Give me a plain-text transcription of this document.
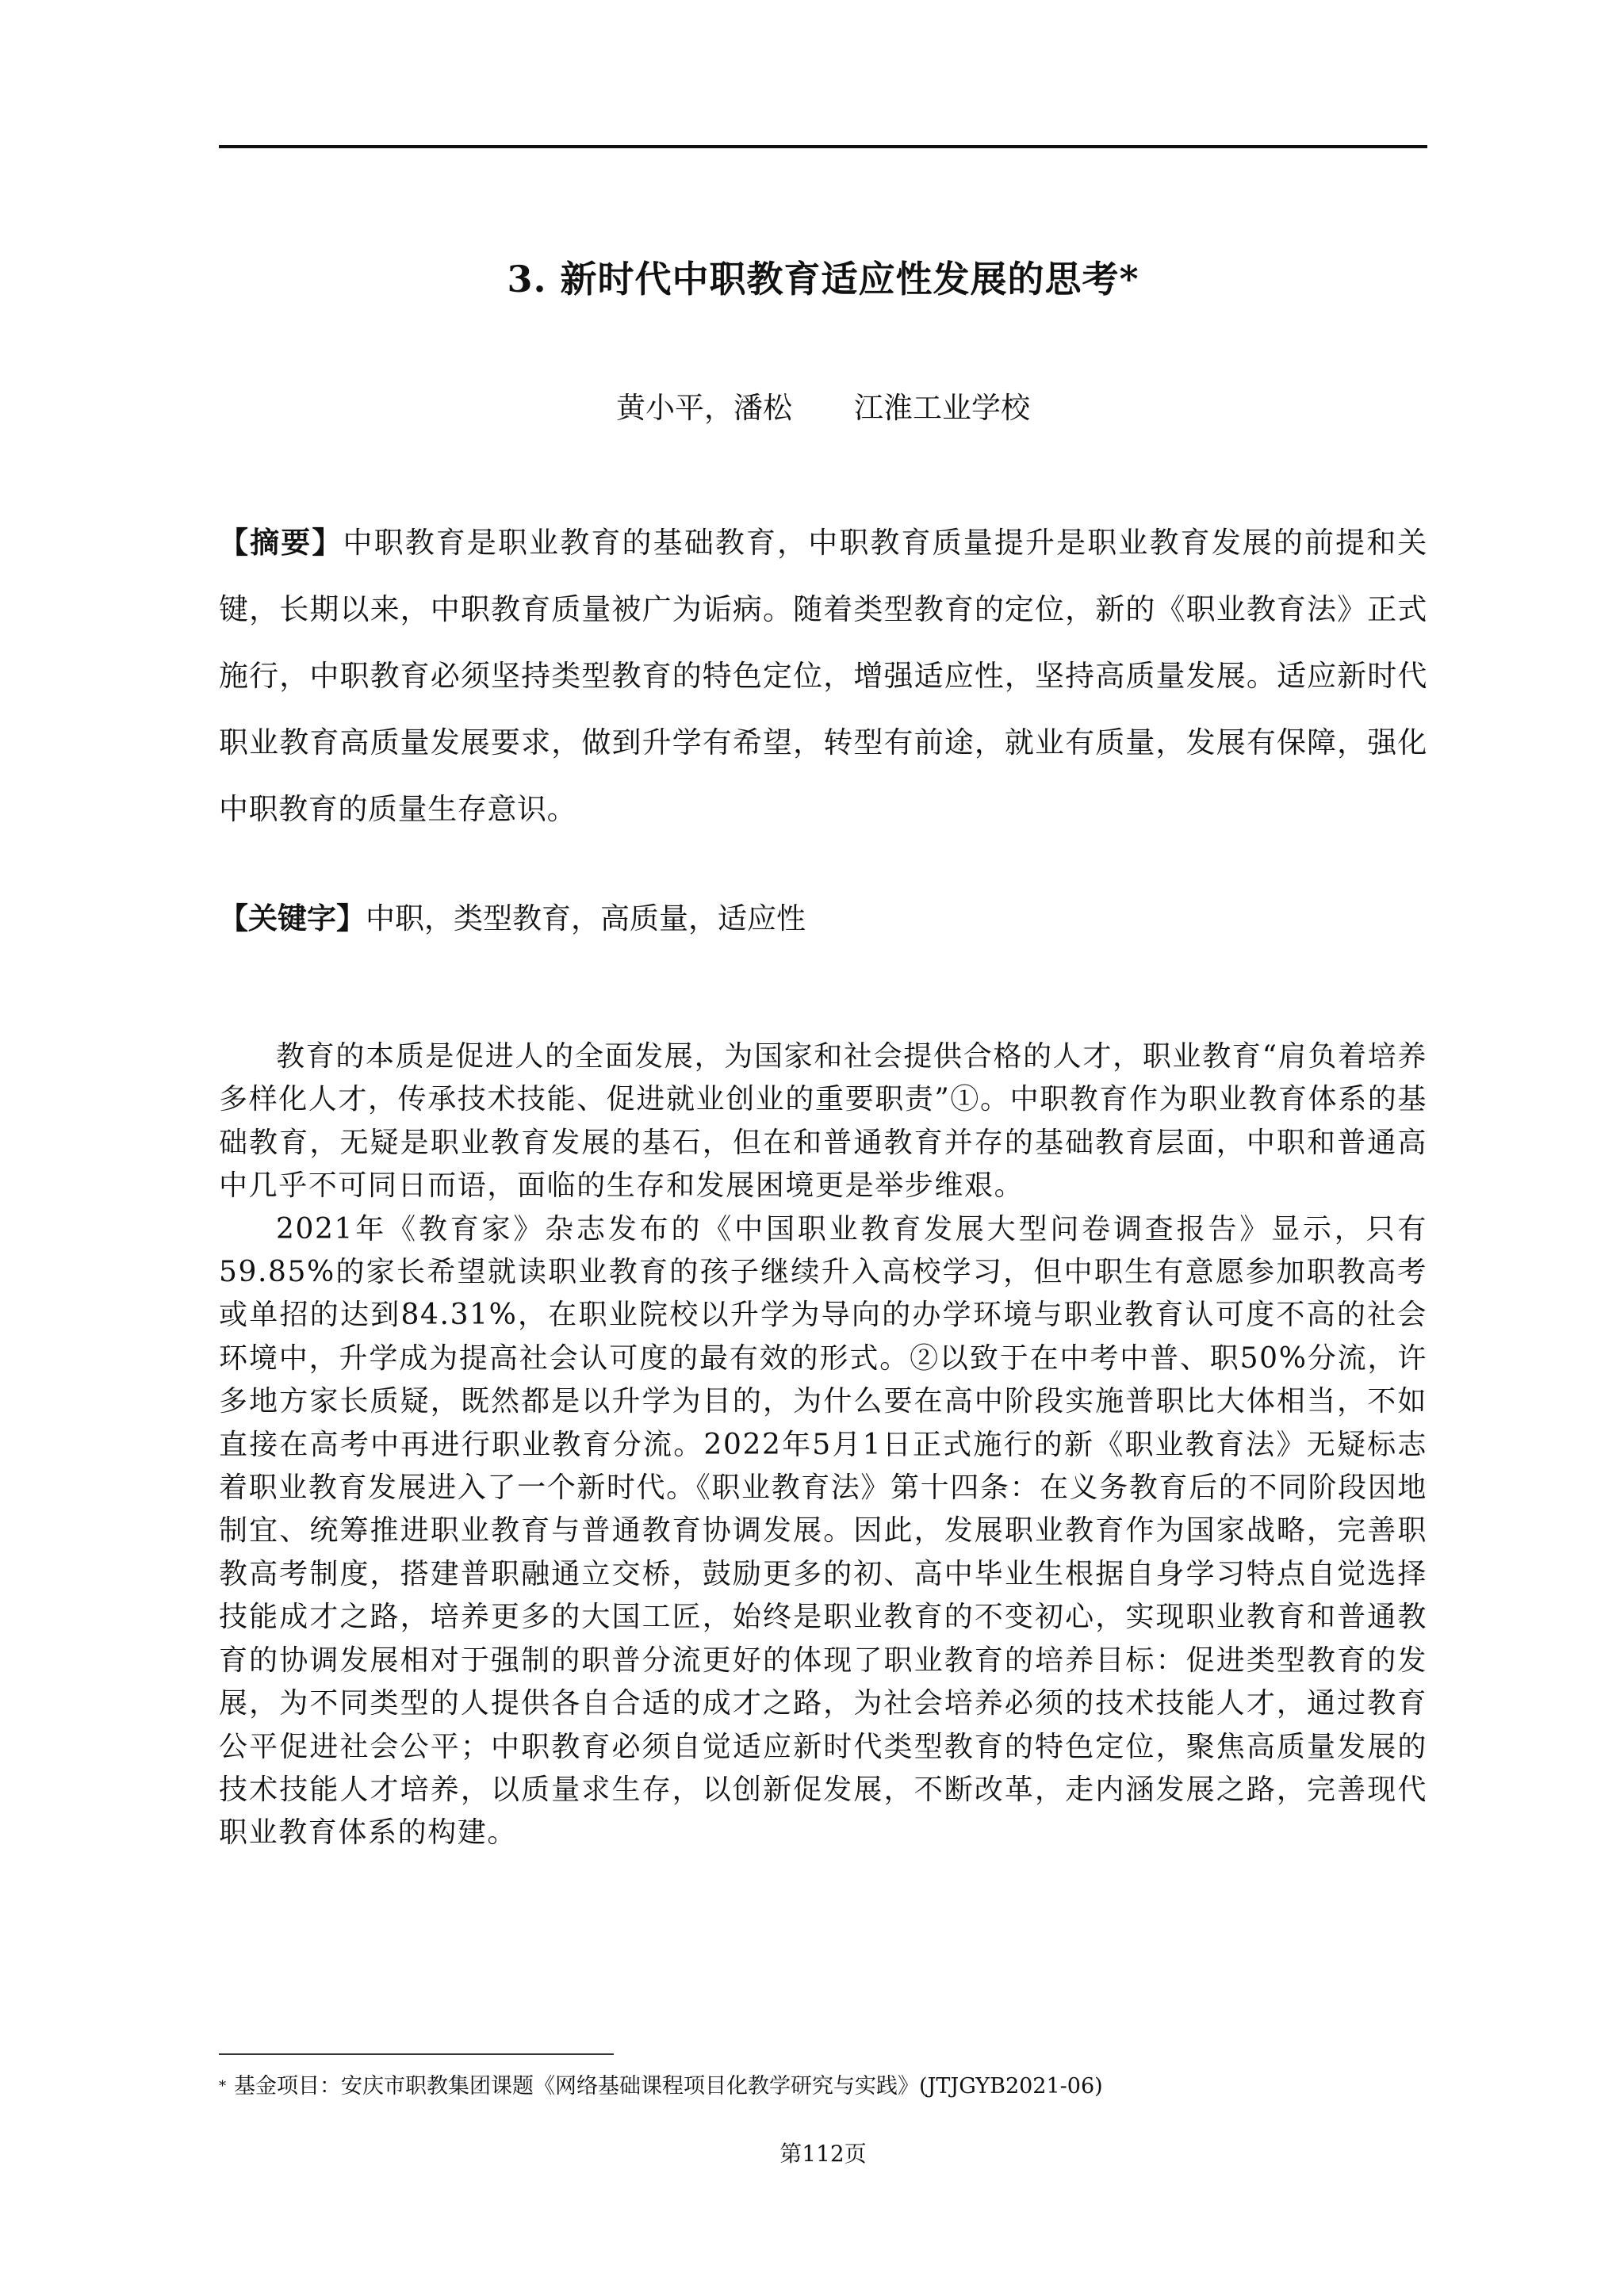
3. 新时代中职教育适应性发展的思考*
黄小平，潘松 江淮工业学校
【摘要】中职教育是职业教育的基础教育，中职教育质量提升是职业教育发展的前提和关键，长期以来，中职教育质量被广为诟病。随着类型教育的定位，新的《职业教育法》正式施行，中职教育必须坚持类型教育的特色定位，增强适应性，坚持高质量发展。适应新时代职业教育高质量发展要求，做到升学有希望，转型有前途，就业有质量，发展有保障，强化中职教育的质量生存意识。
【关键字】中职，类型教育，高质量，适应性

教育的本质是促进人的全面发展，为国家和社会提供合格的人才，职业教育“肩负着培养多样化人才，传承技术技能、促进就业创业的重要职责”①。中职教育作为职业教育体系的基础教育，无疑是职业教育发展的基石，但在和普通教育并存的基础教育层面，中职和普通高中几乎不可同日而语，面临的生存和发展困境更是举步维艰。

2021年《教育家》杂志发布的《中国职业教育发展大型问卷调查报告》显示，只有59.85%的家长希望就读职业教育的孩子继续升入高校学习，但中职生有意愿参加职教高考或单招的达到84.31%，在职业院校以升学为导向的办学环境与职业教育认可度不高的社会环境中，升学成为提高社会认可度的最有效的形式。②以致于在中考中普、职50%分流，许多地方家长质疑，既然都是以升学为目的，为什么要在高中阶段实施普职比大体相当，不如直接在高考中再进行职业教育分流。2022年5月1日正式施行的新《职业教育法》无疑标志着职业教育发展进入了一个新时代。《职业教育法》第十四条：在义务教育后的不同阶段因地制宜、统筹推进职业教育与普通教育协调发展。因此，发展职业教育作为国家战略，完善职教高考制度，搭建普职融通立交桥，鼓励更多的初、高中毕业生根据自身学习特点自觉选择技能成才之路，培养更多的大国工匠，始终是职业教育的不变初心，实现职业教育和普通教育的协调发展相对于强制的职普分流更好的体现了职业教育的培养目标：促进类型教育的发展，为不同类型的人提供各自合适的成才之路，为社会培养必须的技术技能人才，通过教育公平促进社会公平；中职教育必须自觉适应新时代类型教育的特色定位，聚焦高质量发展的技术技能人才培养，以质量求生存，以创新促发展，不断改革，走内涵发展之路，完善现代职业教育体系的构建。

* 基金项目：安庆市职教集团课题《网络基础课程项目化教学研究与实践》(JTJGYB2021-06)
第112页
